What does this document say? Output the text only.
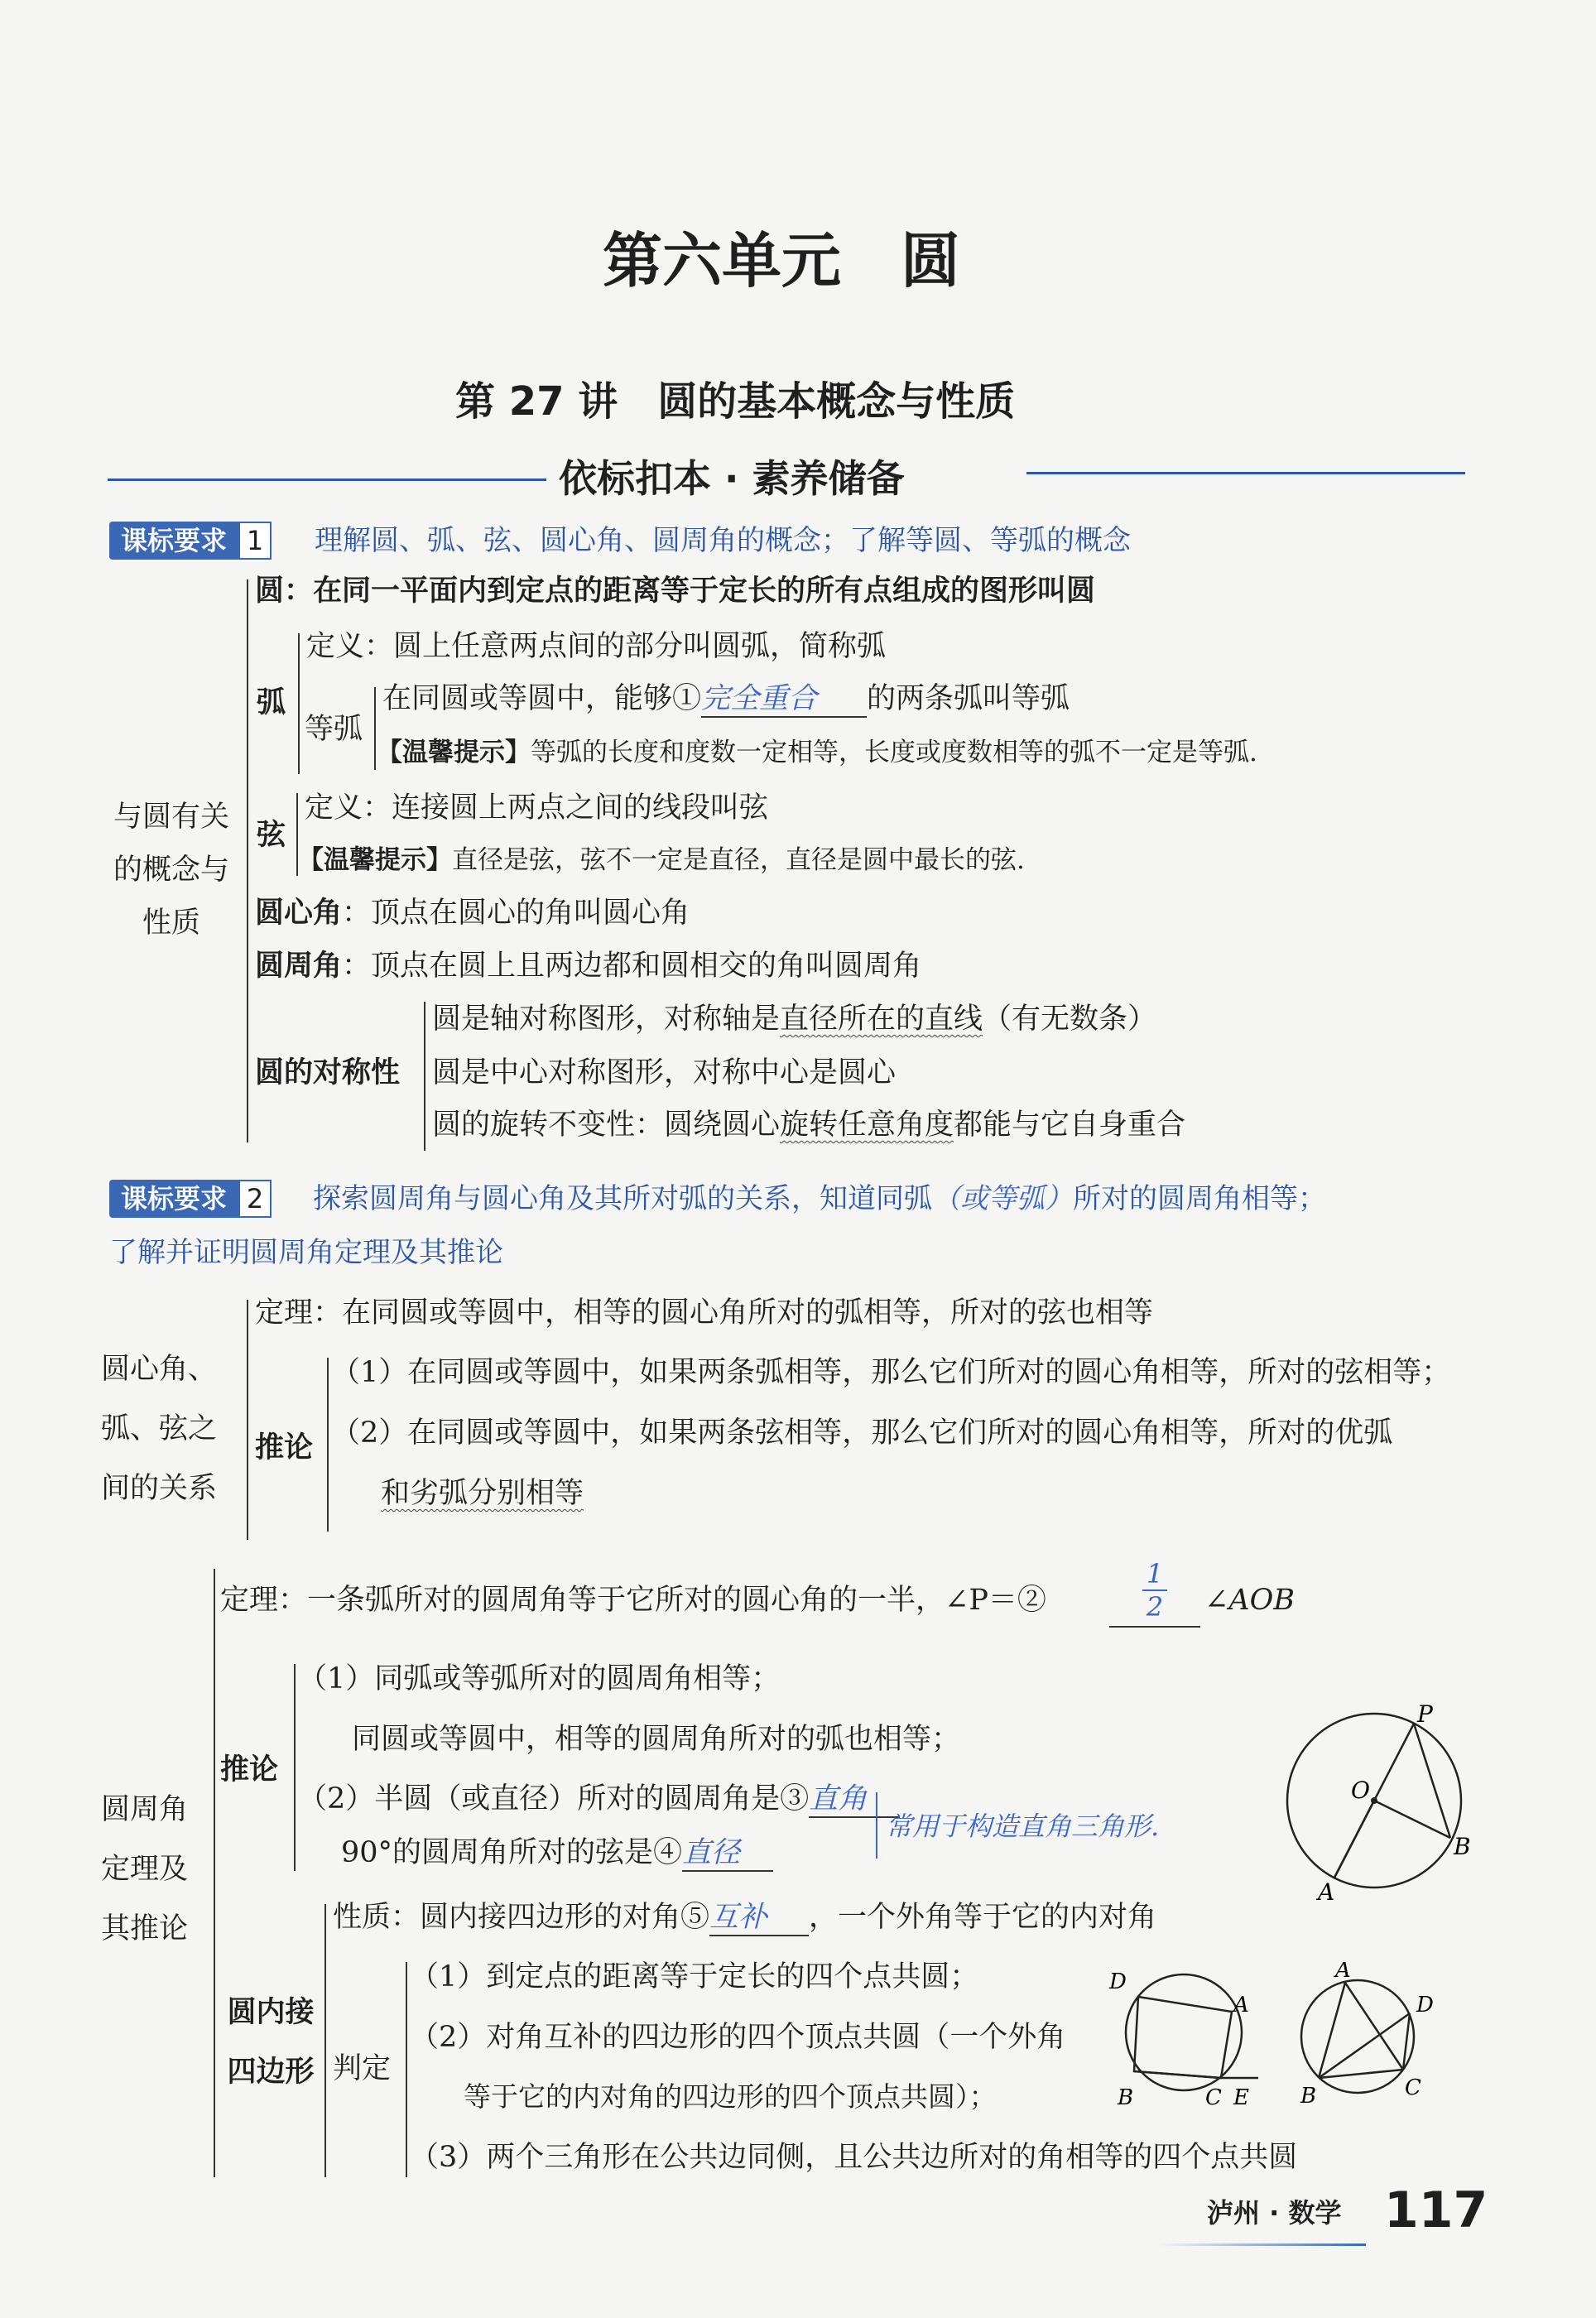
第六单元　圆
第 27 讲　圆的基本概念与性质
依标扣本 · 素养储备
课标要求 1 理解圆、弧、弦、圆心角、圆周角的概念；了解等圆、等弧的概念
与圆有关
的概念与
性质
圆：在同一平面内到定点的距离等于定长的所有点组成的图形叫圆
弧
定义：圆上任意两点间的部分叫圆弧，简称弧
等弧
在同圆或等圆中，能够①完全重合 的两条弧叫等弧
【温馨提示】等弧的长度和度数一定相等，长度或度数相等的弧不一定是等弧.
弦
定义：连接圆上两点之间的线段叫弦
【温馨提示】直径是弦，弦不一定是直径，直径是圆中最长的弦.
圆心角：顶点在圆心的角叫圆心角
圆周角：顶点在圆上且两边都和圆相交的角叫圆周角
圆的对称性
圆是轴对称图形，对称轴是直径所在的直线（有无数条）
圆是中心对称图形，对称中心是圆心
圆的旋转不变性：圆绕圆心旋转任意角度都能与它自身重合
课标要求 2 探索圆周角与圆心角及其所对弧的关系，知道同弧（或等弧）所对的圆周角相等；
了解并证明圆周角定理及其推论
圆心角、
弧、弦之
间的关系
定理：在同圆或等圆中，相等的圆心角所对的弧相等，所对的弦也相等
推论
（1）在同圆或等圆中，如果两条弧相等，那么它们所对的圆心角相等，所对的弦相等；
（2）在同圆或等圆中，如果两条弦相等，那么它们所对的圆心角相等，所对的优弧
和劣弧分别相等
圆周角
定理及
其推论
定理：一条弧所对的圆周角等于它所对的圆心角的一半，∠P＝②
1
2	∠AOB
推论
（1）同弧或等弧所对的圆周角相等；
同圆或等圆中，相等的圆周角所对的弧也相等；
（2）半圆（或直径）所对的圆周角是③直角
90°的圆周角所对的弦是④直径
常用于构造直角三角形.
圆内接
四边形
性质：圆内接四边形的对角⑤互补 ，一个外角等于它的内对角
判定
（1）到定点的距离等于定长的四个点共圆；
（2）对角互补的四边形的四个顶点共圆（一个外角
等于它的内对角的四边形的四个顶点共圆）；
（3）两个三角形在公共边同侧，且公共边所对的角相等的四个点共圆
P
O
A
B
D
A
B	C E
A
D
B	C
泸州 · 数学 117
